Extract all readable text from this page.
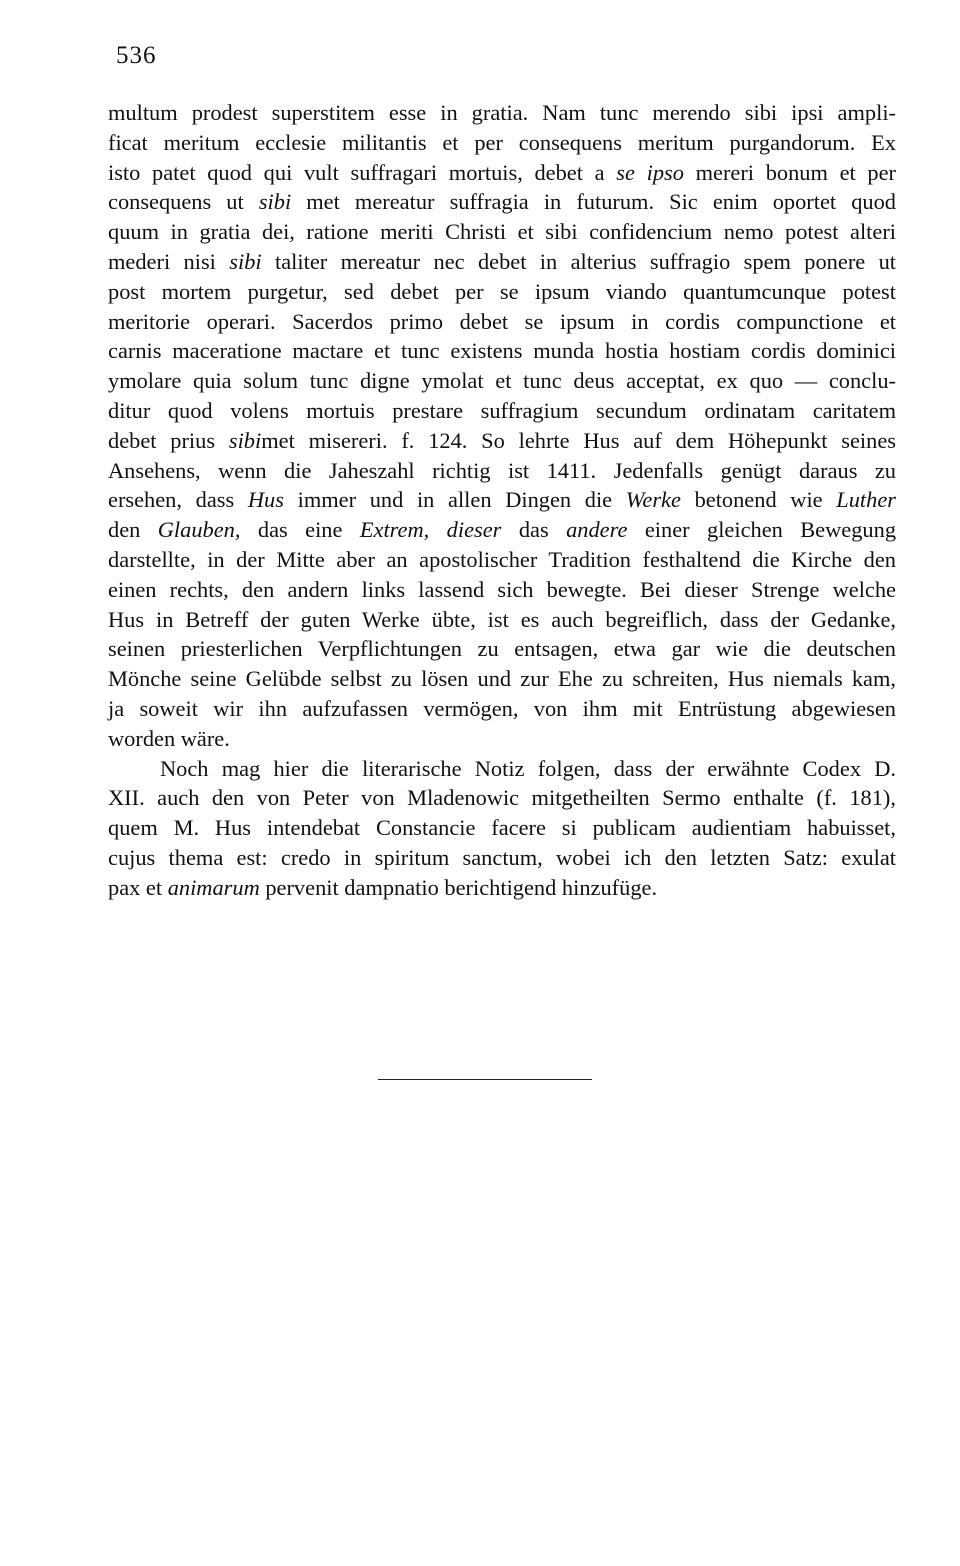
536
multum prodest superstitem esse in gratia. Nam tunc merendo sibi ipsi ampli-
ficat meritum ecclesie militantis et per consequens meritum purgandorum. Ex
isto patet quod qui vult suffragari mortuis, debet a se ipso mereri bonum et per
consequens ut sibi met mereatur suffragia in futurum. Sic enim oportet quod
quum in gratia dei, ratione meriti Christi et sibi confidencium nemo potest alteri
mederi nisi sibi taliter mereatur nec debet in alterius suffragio spem ponere ut
post mortem purgetur, sed debet per se ipsum viando quantumcunque potest
meritorie operari. Sacerdos primo debet se ipsum in cordis compunctione et
carnis maceratione mactare et tunc existens munda hostia hostiam cordis dominici
ymolare quia solum tunc digne ymolat et tunc deus acceptat, ex quo — conclu-
ditur quod volens mortuis prestare suffragium secundum ordinatam caritatem
debet prius sibimet misereri. f. 124. So lehrte Hus auf dem Höhepunkt seines
Ansehens, wenn die Jaheszahl richtig ist 1411. Jedenfalls genügt daraus zu
ersehen, dass Hus immer und in allen Dingen die Werke betonend wie Luther
den Glauben, das eine Extrem, dieser das andere einer gleichen Bewegung
darstellte, in der Mitte aber an apostolischer Tradition festhaltend die Kirche den
einen rechts, den andern links lassend sich bewegte. Bei dieser Strenge welche
Hus in Betreff der guten Werke übte, ist es auch begreiflich, dass der Gedanke,
seinen priesterlichen Verpflichtungen zu entsagen, etwa gar wie die deutschen
Mönche seine Gelübde selbst zu lösen und zur Ehe zu schreiten, Hus niemals kam,
ja soweit wir ihn aufzufassen vermögen, von ihm mit Entrüstung abgewiesen
worden wäre.
Noch mag hier die literarische Notiz folgen, dass der erwähnte Codex D.
XII. auch den von Peter von Mladenowic mitgetheilten Sermo enthalte (f. 181),
quem M. Hus intendebat Constancie facere si publicam audientiam habuisset,
cujus thema est: credo in spiritum sanctum, wobei ich den letzten Satz: exulat
pax et animarum pervenit dampnatio berichtigend hinzufüge.
